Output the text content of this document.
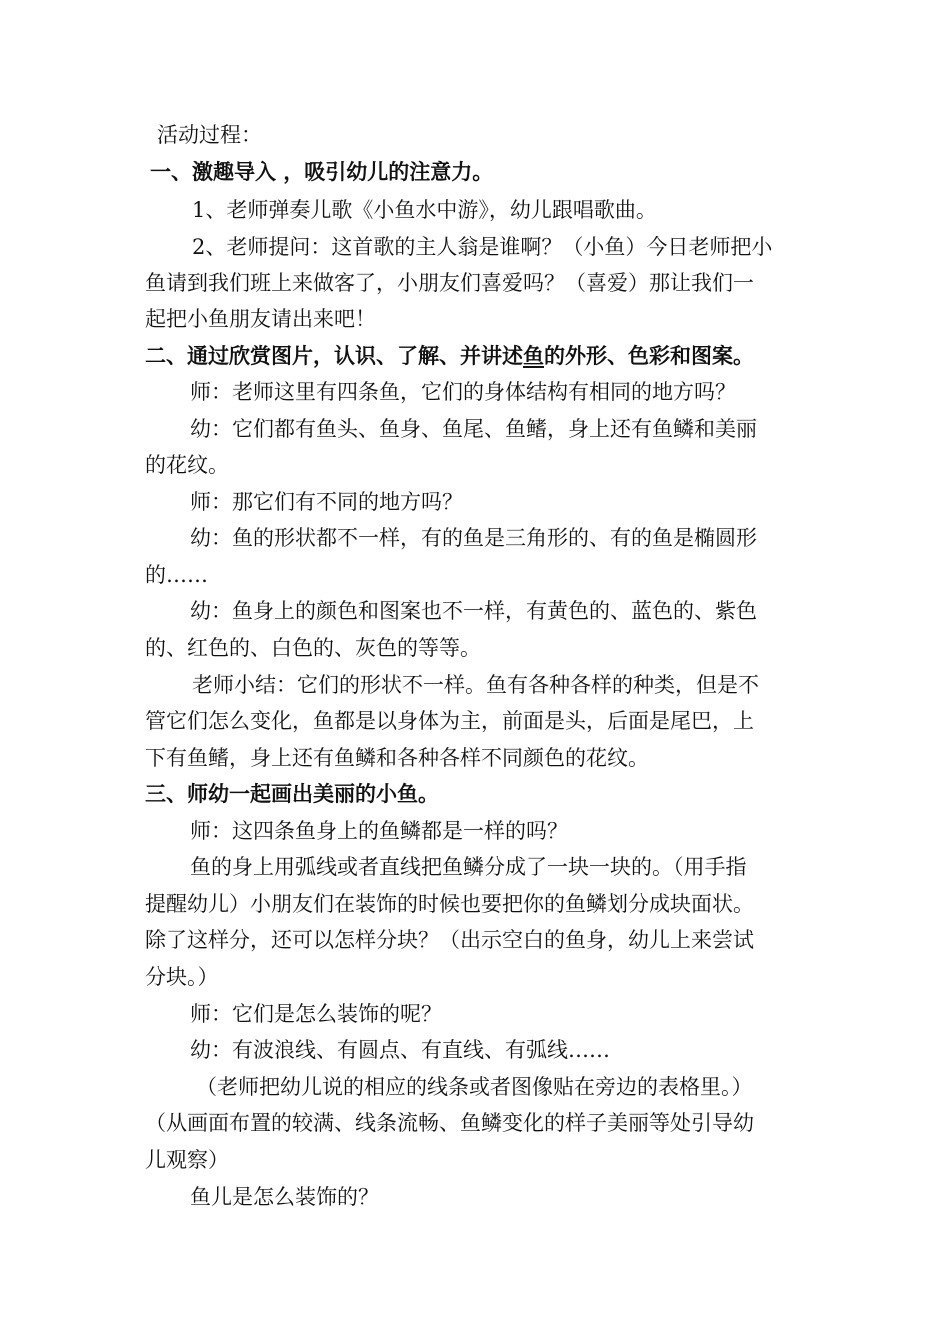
活动过程：
一、激趣导入 ，吸引幼儿的注意力。
1、老师弹奏儿歌《小鱼水中游》，幼儿跟唱歌曲。
2、老师提问：这首歌的主人翁是谁啊？（小鱼）今日老师把小
鱼请到我们班上来做客了，小朋友们喜爱吗？（喜爱）那让我们一
起把小鱼朋友请出来吧！
二、通过欣赏图片，认识、了解、并讲述鱼的外形、色彩和图案。
师：老师这里有四条鱼，它们的身体结构有相同的地方吗？
幼：它们都有鱼头、鱼身、鱼尾、鱼鳍，身上还有鱼鳞和美丽
的花纹。
师：那它们有不同的地方吗？
幼：鱼的形状都不一样，有的鱼是三角形的、有的鱼是椭圆形
的……
幼：鱼身上的颜色和图案也不一样，有黄色的、蓝色的、紫色
的、红色的、白色的、灰色的等等。
老师小结：它们的形状不一样。鱼有各种各样的种类，但是不
管它们怎么变化，鱼都是以身体为主，前面是头，后面是尾巴，上
下有鱼鳍，身上还有鱼鳞和各种各样不同颜色的花纹。
三、师幼一起画出美丽的小鱼。
师：这四条鱼身上的鱼鳞都是一样的吗？
鱼的身上用弧线或者直线把鱼鳞分成了一块一块的。（用手指
提醒幼儿）小朋友们在装饰的时候也要把你的鱼鳞划分成块面状。
除了这样分，还可以怎样分块？（出示空白的鱼身，幼儿上来尝试
分块。）
师：它们是怎么装饰的呢？
幼：有波浪线、有圆点、有直线、有弧线……
（老师把幼儿说的相应的线条或者图像贴在旁边的表格里。）
（从画面布置的较满、线条流畅、鱼鳞变化的样子美丽等处引导幼
儿观察）
鱼儿是怎么装饰的？
